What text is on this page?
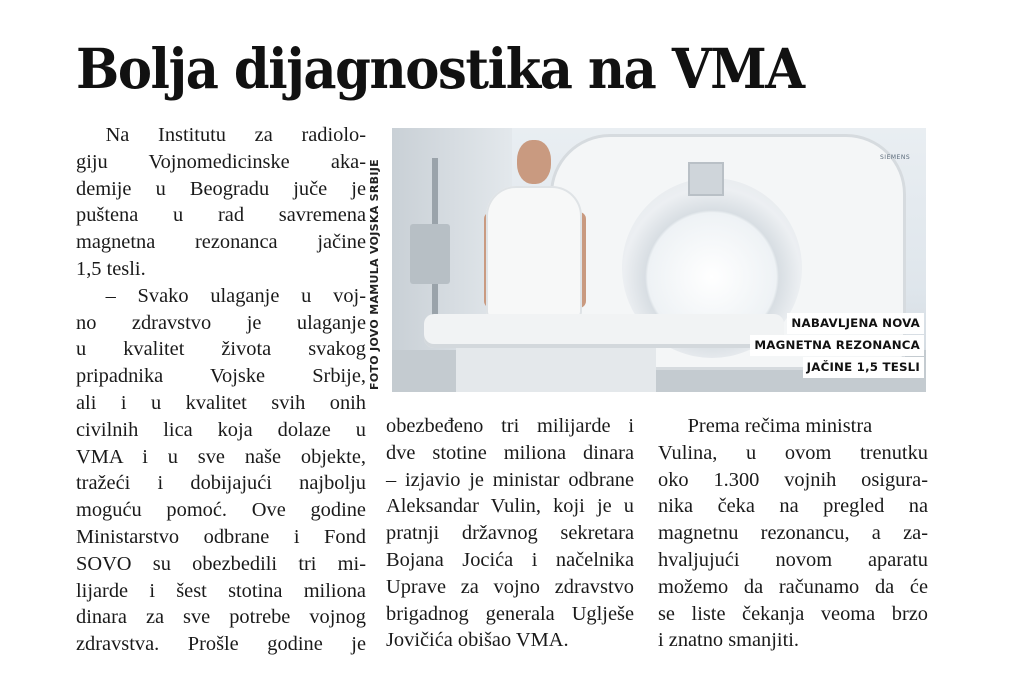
Bolja dijagnostika na VMA
Na Institutu za radiolo-
giju Vojnomedicinske aka-
demije u Beogradu juče je
puštena u rad savremena
magnetna rezonanca jačine
1,5 tesli.
– Svako ulaganje u voj-
no zdravstvo je ulaganje
u kvalitet života svakog
pripadnika Vojske Srbije,
ali i u kvalitet svih onih
civilnih lica koja dolaze u
VMA i u sve naše objekte,
tražeći i dobijajući najbolju
moguću pomoć. Ove godine
Ministarstvo odbrane i Fond
SOVO su obezbedili tri mi-
lijarde i šest stotina miliona
dinara za sve potrebe vojnog
zdravstva. Prošle godine je
SIEMENS
FOTO JOVO MAMULA VOJSKA SRBIJE	NABAVLJENA NOVA
MAGNETNA REZONANCA
JAČINE 1,5 TESLI
obezbeđeno tri milijarde i
dve stotine miliona dinara
– izjavio je ministar odbrane
Aleksandar Vulin, koji je u
pratnji državnog sekretara
Bojana Jocića i načelnika
Uprave za vojno zdravstvo
brigadnog generala Uglješe
Jovičića obišao VMA.
Prema rečima ministra
Vulina, u ovom trenutku
oko 1.300 vojnih osigura-
nika čeka na pregled na
magnetnu rezonancu, a za-
hvaljujući novom aparatu
možemo da računamo da će
se liste čekanja veoma brzo
i znatno smanjiti.
